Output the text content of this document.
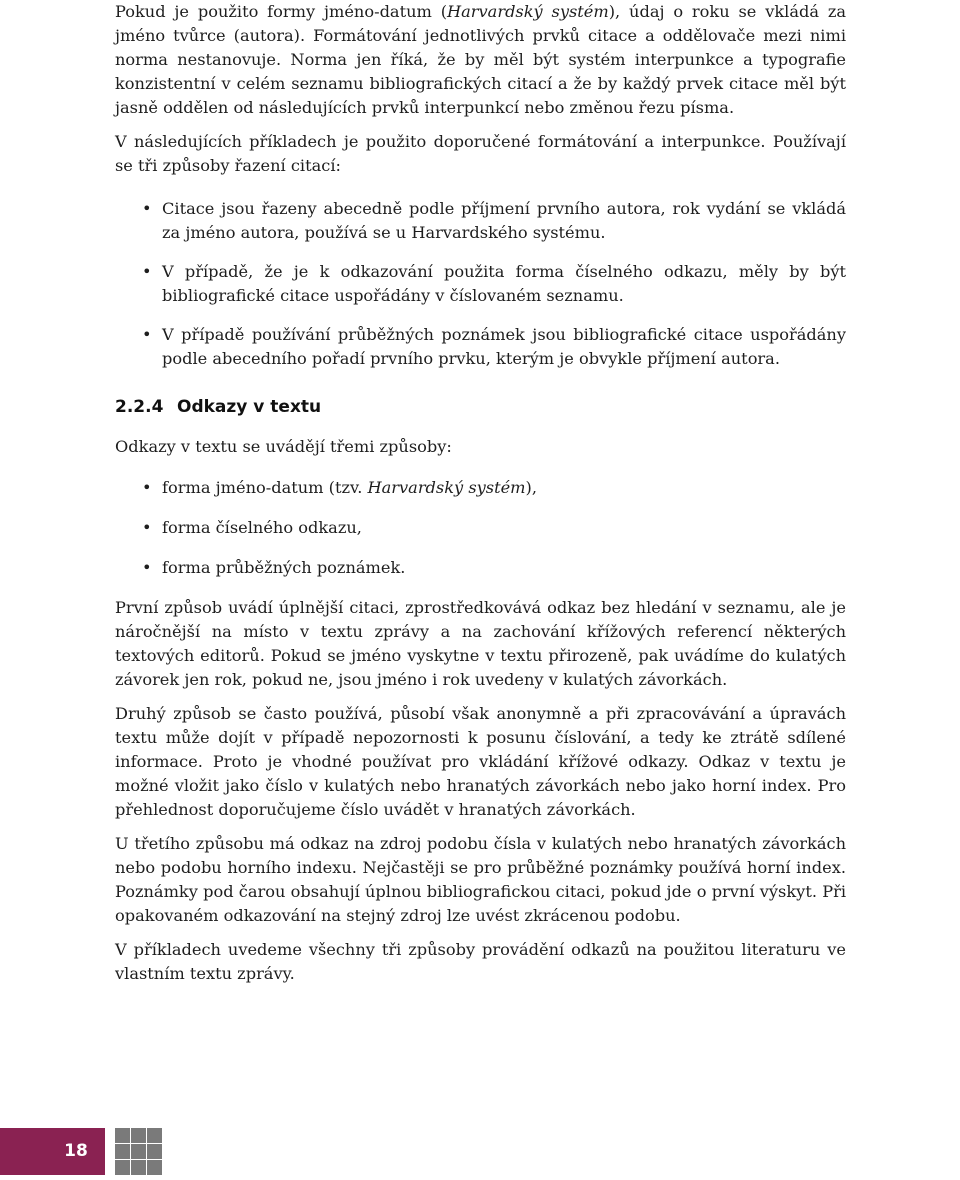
Pokud je použito formy jméno-datum (Harvardský systém), údaj o roku se vkládá za jméno tvůrce (autora). Formátování jednotlivých prvků citace a oddělovače mezi nimi norma nestanovuje. Norma jen říká, že by měl být systém interpunkce a typografie konzistentní v celém seznamu bibliografických citací a že by každý prvek citace měl být jasně oddělen od následujících prvků interpunkcí nebo změnou řezu písma.

V následujících příkladech je použito doporučené formátování a interpunkce. Používají se tři způsoby řazení citací:

• Citace jsou řazeny abecedně podle příjmení prvního autora, rok vydání se vkládá za jméno autora, používá se u Harvardského systému.
• V případě, že je k odkazování použita forma číselného odkazu, měly by být bibliografické citace uspořádány v číslovaném seznamu.
• V případě používání průběžných poznámek jsou bibliografické citace uspořádány podle abecedního pořadí prvního prvku, kterým je obvykle příjmení autora.
2.2.4 Odkazy v textu

Odkazy v textu se uvádějí třemi způsoby:

• forma jméno-datum (tzv. Harvardský systém),
• forma číselného odkazu,
• forma průběžných poznámek.

První způsob uvádí úplnější citaci, zprostředkovává odkaz bez hledání v seznamu, ale je náročnější na místo v textu zprávy a na zachování křížových referencí některých textových editorů. Pokud se jméno vyskytne v textu přirozeně, pak uvádíme do kulatých závorek jen rok, pokud ne, jsou jméno i rok uvedeny v kulatých závorkách.

Druhý způsob se často používá, působí však anonymně a při zpracovávání a úpravách textu může dojít v případě nepozornosti k posunu číslování, a tedy ke ztrátě sdílené informace. Proto je vhodné používat pro vkládání křížové odkazy. Odkaz v textu je možné vložit jako číslo v kulatých nebo hranatých závorkách nebo jako horní index. Pro přehlednost doporučujeme číslo uvádět v hranatých závorkách.

U třetího způsobu má odkaz na zdroj podobu čísla v kulatých nebo hranatých závorkách nebo podobu horního indexu. Nejčastěji se pro průběžné poznámky používá horní index. Poznámky pod čarou obsahují úplnou bibliografickou citaci, pokud jde o první výskyt. Při opakovaném odkazování na stejný zdroj lze uvést zkrácenou podobu.

V příkladech uvedeme všechny tři způsoby provádění odkazů na použitou literaturu ve vlastním textu zprávy.

18
